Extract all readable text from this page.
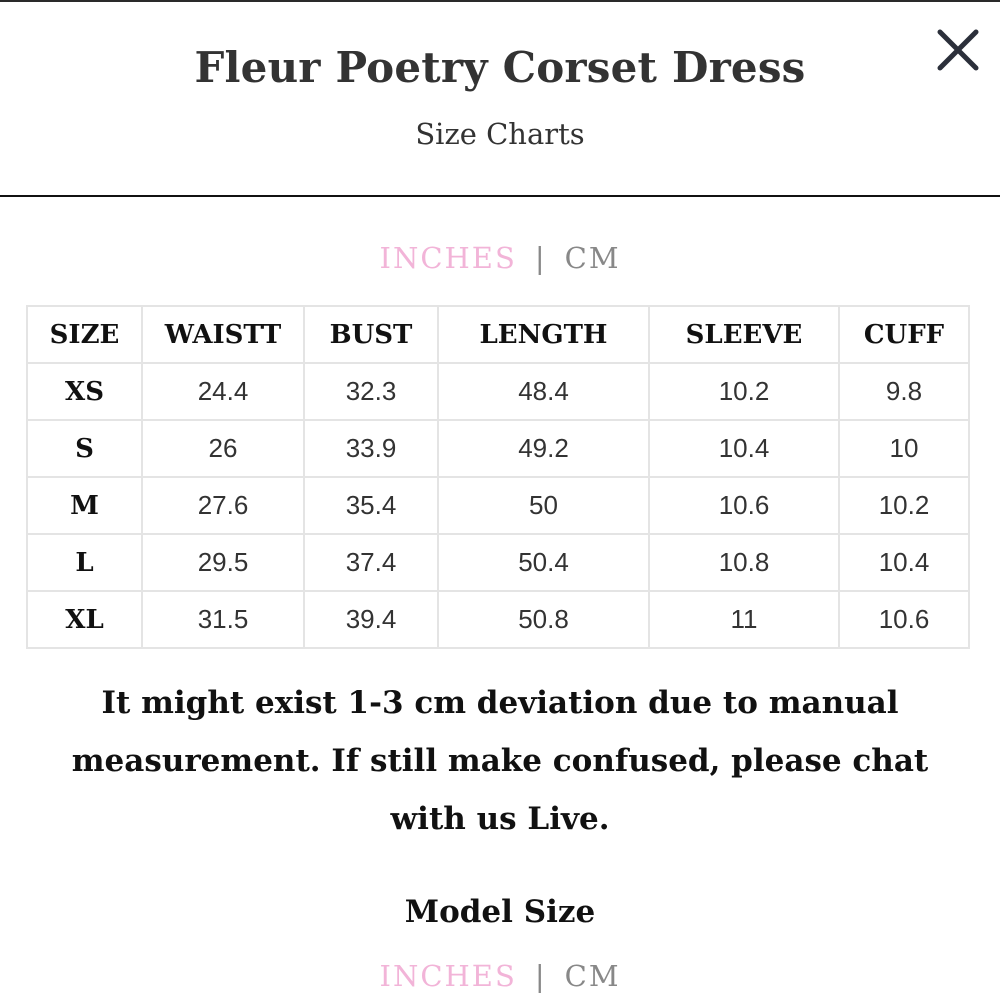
Fleur Poetry Corset Dress
Size Charts
INCHES | CM
SIZE	WAISTT	BUST	LENGTH	SLEEVE	CUFF
XS	24.4	32.3	48.4	10.2	9.8
S	26	33.9	49.2	10.4	10
M	27.6	35.4	50	10.6	10.2
L	29.5	37.4	50.4	10.8	10.4
XL	31.5	39.4	50.8	11	10.6
It might exist 1-3 cm deviation due to manual measurement. If still make confused, please chat with us Live.
Model Size
INCHES | CM
